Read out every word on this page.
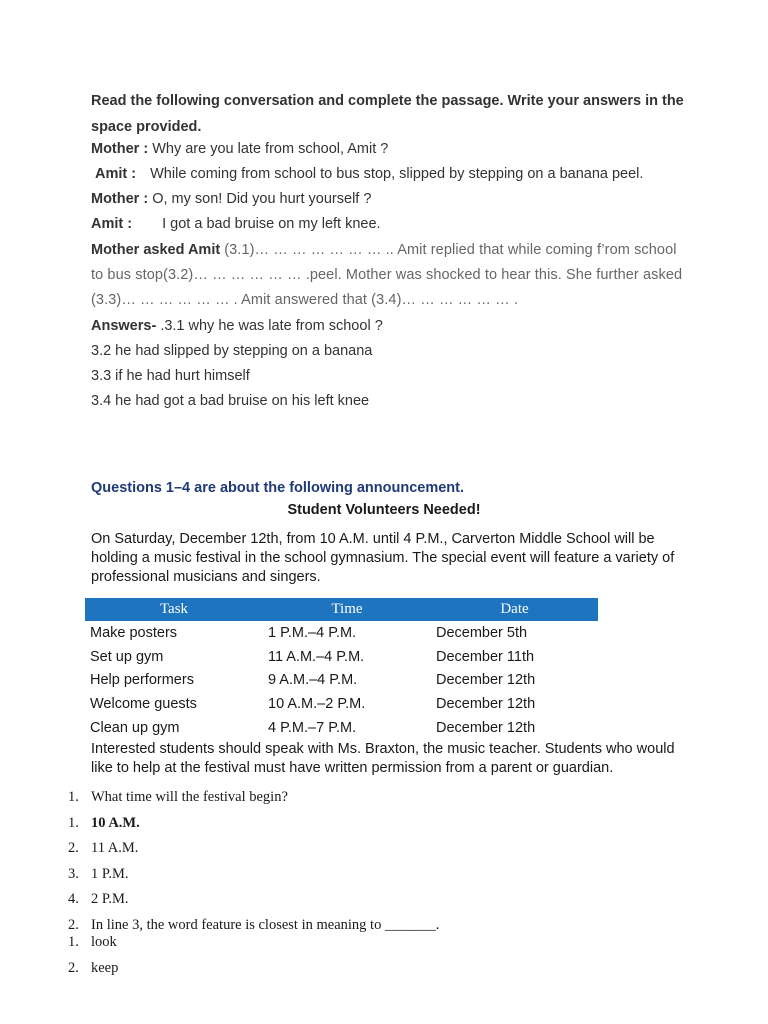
Read the following conversation and complete the passage. Write your answers in the space provided.
Mother : Why are you late from school, Amit ?
Amit : While coming from school to bus stop, slipped by stepping on a banana peel.
Mother : O, my son! Did you hurt yourself ?
Amit : I got a bad bruise on my left knee.
Mother asked Amit (3.1)… … … … … … … .. Amit replied that while coming f’rom school
to bus stop(3.2)… … … … … … .peel. Mother was shocked to hear this. She further asked
(3.3)… … … … … … . Amit answered that (3.4)… … … … … … .
Answers- .3.1 why he was late from school ?
3.2 he had slipped by stepping on a banana
3.3 if he had hurt himself
3.4 he had got a bad bruise on his left knee
Questions 1–4 are about the following announcement.
Student Volunteers Needed!
On Saturday, December 12th, from 10 A.M. until 4 P.M., Carverton Middle School will be holding a music festival in the school gymnasium. The special event will feature a variety of professional musicians and singers.
Task	Time	Date
Make posters	1 P.M.–4 P.M.	December 5th
Set up gym	11 A.M.–4 P.M.	December 11th
Help performers	9 A.M.–4 P.M.	December 12th
Welcome guests	10 A.M.–2 P.M.	December 12th
Clean up gym	4 P.M.–7 P.M.	December 12th
Interested students should speak with Ms. Braxton, the music teacher. Students who would like to help at the festival must have written permission from a parent or guardian.
1. What time will the festival begin?
1. 10 A.M.
2. 11 A.M.
3. 1 P.M.
4. 2 P.M.
2. In line 3, the word feature is closest in meaning to _______.
1. look
2. keep
